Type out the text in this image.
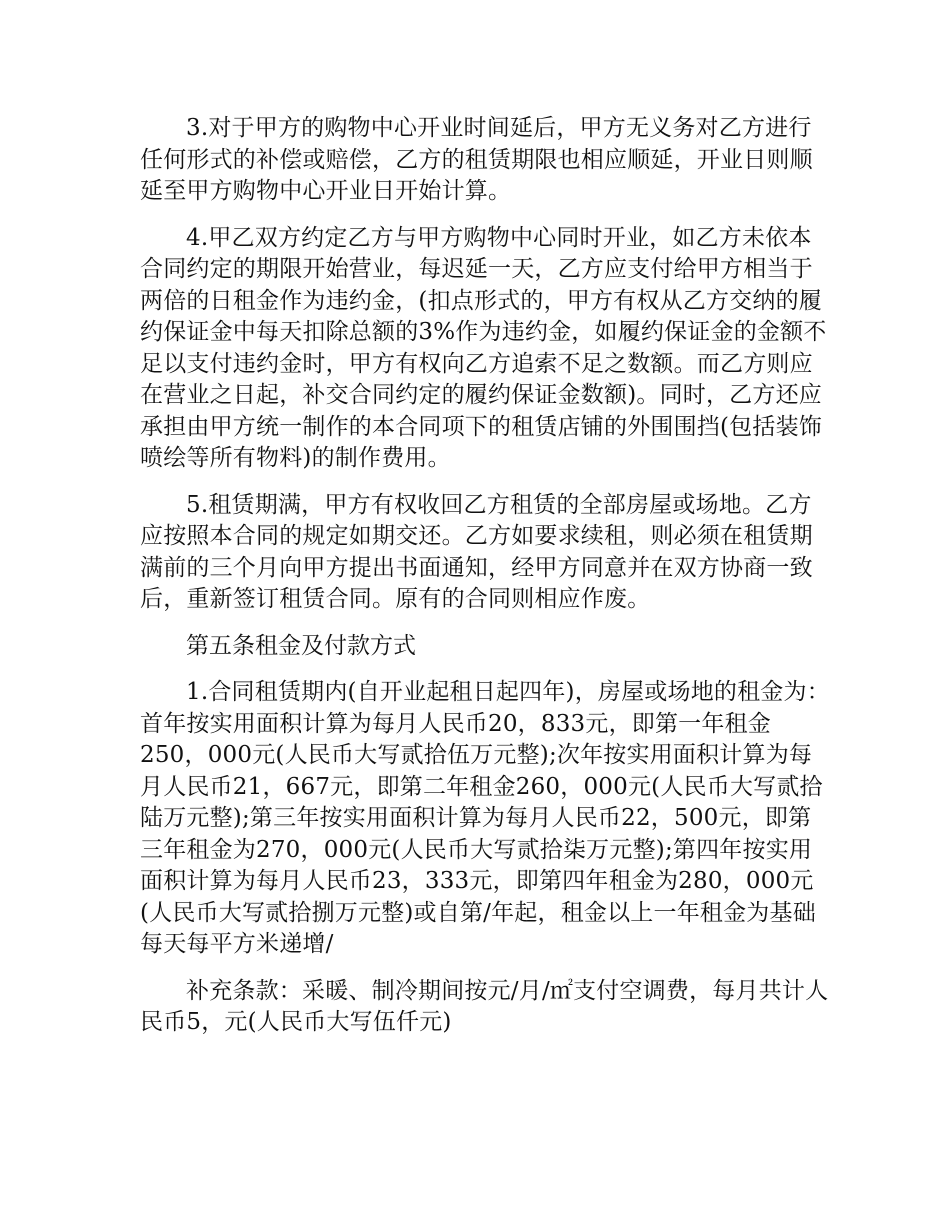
3.对于甲方的购物中心开业时间延后，甲方无义务对乙方进行任何形式的补偿或赔偿，乙方的租赁期限也相应顺延，开业日则顺延至甲方购物中心开业日开始计算。

4.甲乙双方约定乙方与甲方购物中心同时开业，如乙方未依本合同约定的期限开始营业，每迟延一天，乙方应支付给甲方相当于两倍的日租金作为违约金，(扣点形式的，甲方有权从乙方交纳的履约保证金中每天扣除总额的3%作为违约金，如履约保证金的金额不足以支付违约金时，甲方有权向乙方追索不足之数额。而乙方则应在营业之日起，补交合同约定的履约保证金数额)。同时，乙方还应承担由甲方统一制作的本合同项下的租赁店铺的外围围挡(包括装饰喷绘等所有物料)的制作费用。

5.租赁期满，甲方有权收回乙方租赁的全部房屋或场地。乙方应按照本合同的规定如期交还。乙方如要求续租，则必须在租赁期满前的三个月向甲方提出书面通知，经甲方同意并在双方协商一致后，重新签订租赁合同。原有的合同则相应作废。

第五条租金及付款方式

1.合同租赁期内(自开业起租日起四年)，房屋或场地的租金为：首年按实用面积计算为每月人民币20，833元，即第一年租金250，000元(人民币大写贰拾伍万元整);次年按实用面积计算为每月人民币21，667元，即第二年租金260，000元(人民币大写贰拾陆万元整);第三年按实用面积计算为每月人民币22，500元，即第三年租金为270，000元(人民币大写贰拾柒万元整);第四年按实用面积计算为每月人民币23，333元，即第四年租金为280，000元(人民币大写贰拾捌万元整)或自第/年起，租金以上一年租金为基础每天每平方米递增/

补充条款：采暖、制冷期间按元/月/㎡支付空调费，每月共计人民币5，元(人民币大写伍仟元)
